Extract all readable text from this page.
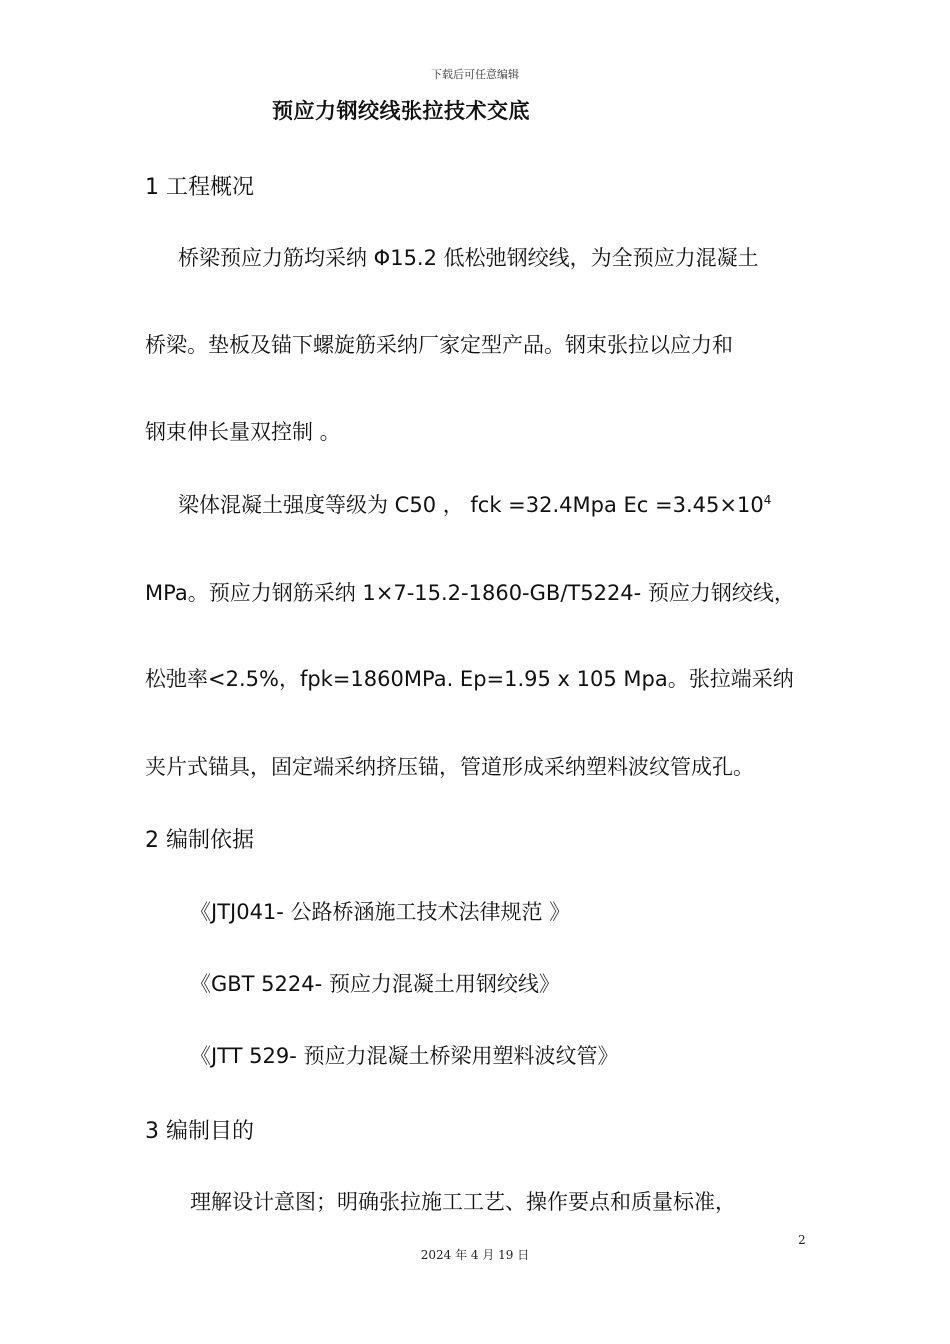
下载后可任意编辑
预应力钢绞线张拉技术交底
1 工程概况
桥梁预应力筋均采纳 Φ15.2 低松弛钢绞线，为全预应力混凝土
桥梁。垫板及锚下螺旋筋采纳厂家定型产品。钢束张拉以应力和
钢束伸长量双控制 。
梁体混凝土强度等级为 C50 ， fck =32.4Mpa $Ec =3.45\times 10^4$
MPa。预应力钢筋采纳 1×7-15.2-1860-GB/T5224- 预应力钢绞线，
松弛率<2.5%，fpk=1860MPa. Ep=1.95 x 105 Mpa。张拉端采纳
夹片式锚具，固定端采纳挤压锚，管道形成采纳塑料波纹管成孔。
2 编制依据
《JTJ041- 公路桥涵施工技术法律规范 》
《GBT 5224- 预应力混凝土用钢绞线》
《JTT 529- 预应力混凝土桥梁用塑料波纹管》
3 编制目的
理解设计意图；明确张拉施工工艺、操作要点和质量标准，
2
2024 年 4 月 19 日
